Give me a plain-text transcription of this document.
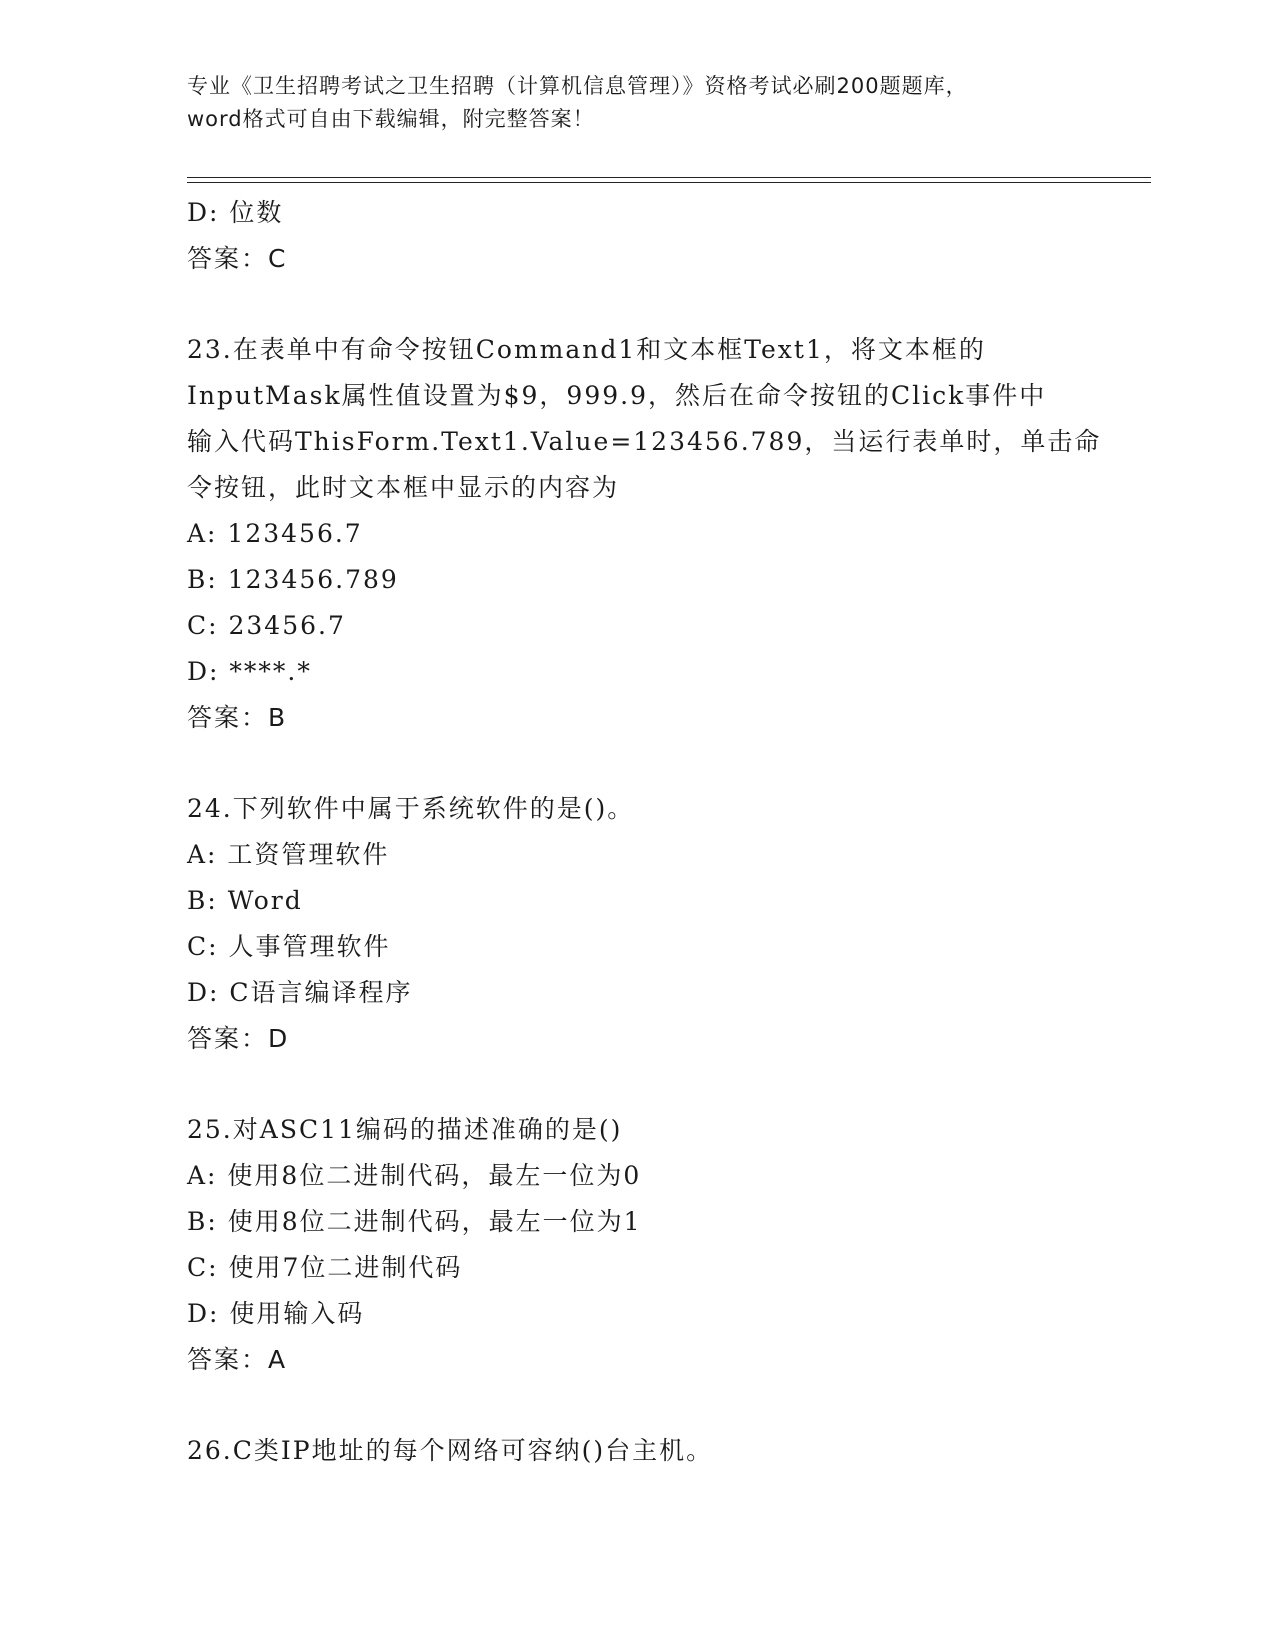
专业《卫生招聘考试之卫生招聘（计算机信息管理）》资格考试必刷200题题库，
word格式可自由下载编辑，附完整答案！
D: 位数
答案：C
23.在表单中有命令按钮Command1和文本框Text1，将文本框的
InputMask属性值设置为$9，999.9，然后在命令按钮的Click事件中
输入代码ThisForm.Text1.Value=123456.789，当运行表单时，单击命
令按钮，此时文本框中显示的内容为
A: 123456.7
B: 123456.789
C: 23456.7
D: ****.*
答案：B
24.下列软件中属于系统软件的是()。
A: 工资管理软件
B: Word
C: 人事管理软件
D: C语言编译程序
答案：D
25.对ASC11编码的描述准确的是()
A: 使用8位二进制代码，最左一位为0
B: 使用8位二进制代码，最左一位为1
C: 使用7位二进制代码
D: 使用输入码
答案：A
26.C类IP地址的每个网络可容纳()台主机。
